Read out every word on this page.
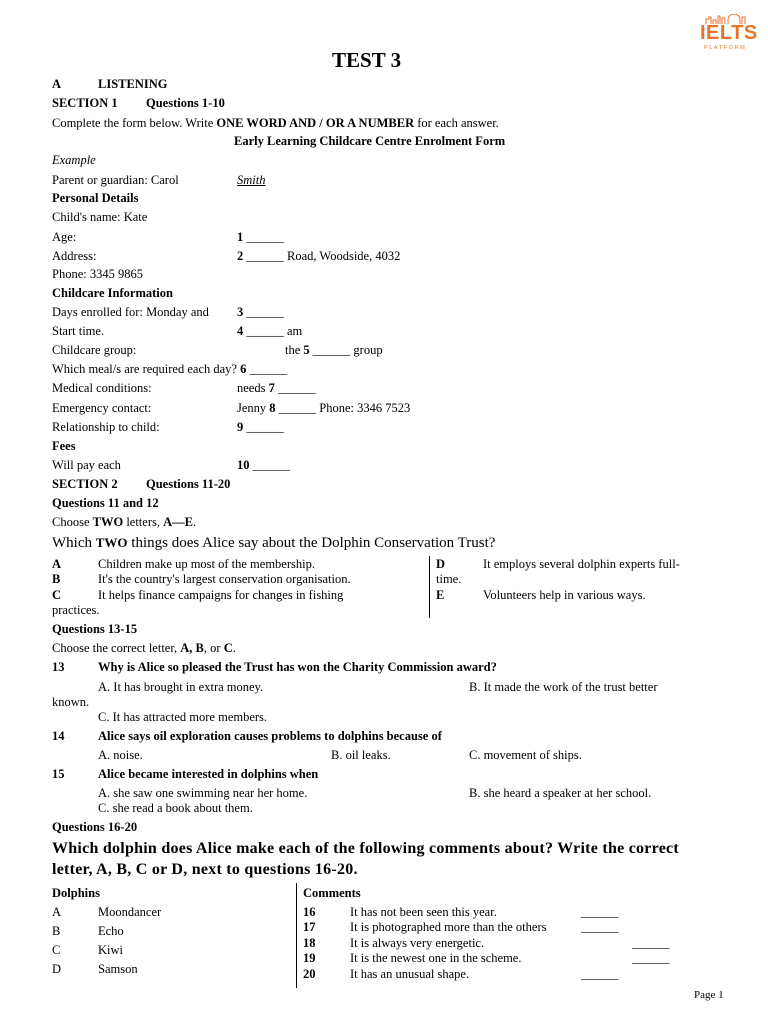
IELTS
PLATFORM
TEST 3
A	LISTENING
SECTION 1 Questions 1-10
Complete the form below. Write ONE WORD AND / OR A NUMBER for each answer.
Early Learning Childcare Centre Enrolment Form
Example
Parent or guardian: Carol	Smith
Personal Details
Child's name: Kate
Age:	1 ______
Address:	2 ______ Road, Woodside, 4032
Phone: 3345 9865
Childcare Information
Days enrolled for: Monday and 3 ______
Start time.	4 ______ am
Childcare group:	the 5 ______ group
Which meal/s are required each day? 6 ______
Medical conditions:	needs 7 ______
Emergency contact:	Jenny 8 ______ Phone: 3346 7523
Relationship to child:	9 ______
Fees
Will pay each	10 ______
SECTION 2 Questions 11-20
Questions 11 and 12
Choose TWO letters, A—E.
Which TWO things does Alice say about the Dolphin Conservation Trust?
A	Children make up most of the membership.
B	It's the country's largest conservation organisation.
C	It helps finance campaigns for changes in fishing
practices.
D	It employs several dolphin experts full-
time.
E	Volunteers help in various ways.
Questions 13-15
Choose the correct letter, A, B, or C.
13	Why is Alice so pleased the Trust has won the Charity Commission award?
A. It has brought in extra money.	B. It made the work of the trust better
known.
C. It has attracted more members.
14	Alice says oil exploration causes problems to dolphins because of
A. noise.	B. oil leaks.	C. movement of ships.
15	Alice became interested in dolphins when
A. she saw one swimming near her home.	B. she heard a speaker at her school.
C. she read a book about them.
Questions 16-20
Which dolphin does Alice make each of the following comments about? Write the correct
letter, A, B, C or D, next to questions 16-20.
Dolphins
A	Moondancer
B	Echo
C	Kiwi
D	Samson
Comments
16	It has not been seen this year.	______
17	It is photographed more than the others	______
18	It is always very energetic.	______
19	It is the newest one in the scheme.	______
20	It has an unusual shape.	______
Page 1
